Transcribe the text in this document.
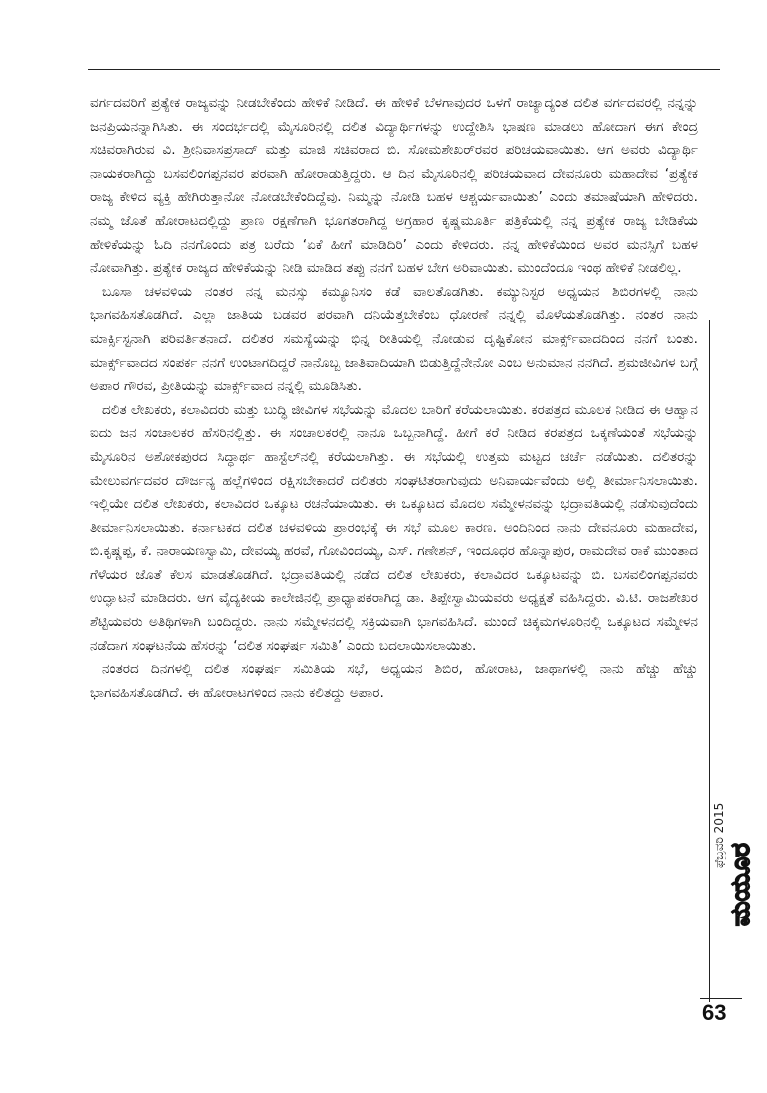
ವರ್ಗದವರಿಗೆ ಪ್ರತ್ಯೇಕ ರಾಜ್ಯವನ್ನು ನೀಡಬೇಕೆಂದು ಹೇಳಿಕೆ ನೀಡಿದೆ. ಈ ಹೇಳಿಕೆ ಬೆಳಗಾವುದರ ಒಳಗೆ ರಾಜ್ಯಾದ್ಯಂತ ದಲಿತ ವರ್ಗದವರಲ್ಲಿ ನನ್ನನ್ನು ಜನಪ್ರಿಯನನ್ನಾಗಿಸಿತು. ಈ ಸಂದರ್ಭದಲ್ಲಿ ಮೈಸೂರಿನಲ್ಲಿ ದಲಿತ ವಿದ್ಯಾರ್ಥಿಗಳನ್ನು ಉದ್ದೇಶಿಸಿ ಭಾಷಣ ಮಾಡಲು ಹೋದಾಗ ಈಗ ಕೇಂದ್ರ ಸಚಿವರಾಗಿರುವ ವಿ. ಶ್ರೀನಿವಾಸಪ್ರಸಾದ್ ಮತ್ತು ಮಾಜಿ ಸಚಿವರಾದ ಬಿ. ಸೋಮಶೇಖರ್‌ರವರ ಪರಿಚಯವಾಯಿತು. ಆಗ ಅವರು ವಿದ್ಯಾರ್ಥಿ ನಾಯಕರಾಗಿದ್ದು ಬಸವಲಿಂಗಪ್ಪನವರ ಪರವಾಗಿ ಹೋರಾಡುತ್ತಿದ್ದರು. ಆ ದಿನ ಮೈಸೂರಿನಲ್ಲಿ ಪರಿಚಯವಾದ ದೇವನೂರು ಮಹಾದೇವ ‘ಪ್ರತ್ಯೇಕ ರಾಜ್ಯ ಕೇಳಿದ ವ್ಯಕ್ತಿ ಹೇಗಿರುತ್ತಾನೋ ನೋಡಬೇಕೆಂದಿದ್ದೆವು. ನಿಮ್ಮನ್ನು ನೋಡಿ ಬಹಳ ಆಶ್ಚರ್ಯವಾಯಿತು’ ಎಂದು ತಮಾಷೆಯಾಗಿ ಹೇಳಿದರು. ನಮ್ಮ ಜೊತೆ ಹೋರಾಟದಲ್ಲಿದ್ದು ಪ್ರಾಣ ರಕ್ಷಣೆಗಾಗಿ ಭೂಗತರಾಗಿದ್ದ ಅಗ್ರಹಾರ ಕೃಷ್ಣಮೂರ್ತಿ ಪತ್ರಿಕೆಯಲ್ಲಿ ನನ್ನ ಪ್ರತ್ಯೇಕ ರಾಜ್ಯ ಬೇಡಿಕೆಯ ಹೇಳಿಕೆಯನ್ನು ಓದಿ ನನಗೊಂದು ಪತ್ರ ಬರೆದು ‘ಏಕೆ ಹೀಗೆ ಮಾಡಿದಿರಿ’ ಎಂದು ಕೇಳಿದರು. ನನ್ನ ಹೇಳಿಕೆಯಿಂದ ಅವರ ಮನಸ್ಸಿಗೆ ಬಹಳ ನೋವಾಗಿತ್ತು. ಪ್ರತ್ಯೇಕ ರಾಜ್ಯದ ಹೇಳಿಕೆಯನ್ನು ನೀಡಿ ಮಾಡಿದ ತಪ್ಪು ನನಗೆ ಬಹಳ ಬೇಗ ಅರಿವಾಯಿತು. ಮುಂದೆಂದೂ ಇಂಥ ಹೇಳಿಕೆ ನೀಡಲಿಲ್ಲ.

ಬೂಸಾ ಚಳವಳಿಯ ನಂತರ ನನ್ನ ಮನಸ್ಸು ಕಮ್ಯೂನಿಸಂ ಕಡೆ ವಾಲತೊಡಗಿತು. ಕಮ್ಯುನಿಸ್ಟರ ಅಧ್ಯಯನ ಶಿಬಿರಗಳಲ್ಲಿ ನಾನು ಭಾಗವಹಿಸತೊಡಗಿದೆ. ಎಲ್ಲಾ ಜಾತಿಯ ಬಡವರ ಪರವಾಗಿ ದನಿಯೆತ್ತಬೇಕೆಂಬ ಧೋರಣೆ ನನ್ನಲ್ಲಿ ಮೊಳೆಯತೊಡಗಿತ್ತು. ನಂತರ ನಾನು ಮಾರ್ಕ್ಸಿಸ್ಟನಾಗಿ ಪರಿವರ್ತಿತನಾದೆ. ದಲಿತರ ಸಮಸ್ಯೆಯನ್ನು ಭಿನ್ನ ರೀತಿಯಲ್ಲಿ ನೋಡುವ ದೃಷ್ಟಿಕೋನ ಮಾರ್ಕ್ಸ್‌ವಾದದಿಂದ ನನಗೆ ಬಂತು. ಮಾರ್ಕ್ಸ್‌ವಾದದ ಸಂಪರ್ಕ ನನಗೆ ಉಂಟಾಗದಿದ್ದರೆ ನಾನೊಬ್ಬ ಜಾತಿವಾದಿಯಾಗಿ ಬಿಡುತ್ತಿದ್ದೆನೇನೋ ಎಂಬ ಅನುಮಾನ ನನಗಿದೆ. ಶ್ರಮಜೀವಿಗಳ ಬಗ್ಗೆ ಅಪಾರ ಗೌರವ, ಪ್ರೀತಿಯನ್ನು ಮಾರ್ಕ್ಸ್‌ವಾದ ನನ್ನಲ್ಲಿ ಮೂಡಿಸಿತು.

ದಲಿತ ಲೇಖಕರು, ಕಲಾವಿದರು ಮತ್ತು ಬುದ್ಧಿ ಜೀವಿಗಳ ಸಭೆಯನ್ನು ಮೊದಲ ಬಾರಿಗೆ ಕರೆಯಲಾಯಿತು. ಕರಪತ್ರದ ಮೂಲಕ ನೀಡಿದ ಈ ಆಹ್ವಾನ ಐದು ಜನ ಸಂಚಾಲಕರ ಹೆಸರಿನಲ್ಲಿತ್ತು. ಈ ಸಂಚಾಲಕರಲ್ಲಿ ನಾನೂ ಒಬ್ಬನಾಗಿದ್ದೆ. ಹೀಗೆ ಕರೆ ನೀಡಿದ ಕರಪತ್ರದ ಒಕ್ಕಣೆಯಂತೆ ಸಭೆಯನ್ನು ಮೈಸೂರಿನ ಅಶೋಕಪುರದ ಸಿದ್ಧಾರ್ಥ ಹಾಸ್ಟೆಲ್‌ನಲ್ಲಿ ಕರೆಯಲಾಗಿತ್ತು. ಈ ಸಭೆಯಲ್ಲಿ ಉತ್ತಮ ಮಟ್ಟದ ಚರ್ಚೆ ನಡೆಯಿತು. ದಲಿತರನ್ನು ಮೇಲುವರ್ಗದವರ ದೌರ್ಜನ್ಯ ಹಲ್ಲೆಗಳಿಂದ ರಕ್ಷಿಸಬೇಕಾದರೆ ದಲಿತರು ಸಂಘಟಿತರಾಗುವುದು ಅನಿವಾರ್ಯವೆಂದು ಅಲ್ಲಿ ತೀರ್ಮಾನಿಸಲಾಯಿತು. ಇಲ್ಲಿಯೇ ದಲಿತ ಲೇಖಕರು, ಕಲಾವಿದರ ಒಕ್ಕೂಟ ರಚನೆಯಾಯಿತು. ಈ ಒಕ್ಕೂಟದ ಮೊದಲ ಸಮ್ಮೇಳನವನ್ನು ಭದ್ರಾವತಿಯಲ್ಲಿ ನಡೆಸುವುದೆಂದು ತೀರ್ಮಾನಿಸಲಾಯಿತು. ಕರ್ನಾಟಕದ ದಲಿತ ಚಳವಳಿಯ ಪ್ರಾರಂಭಕ್ಕೆ ಈ ಸಭೆ ಮೂಲ ಕಾರಣ. ಅಂದಿನಿಂದ ನಾನು ದೇವನೂರು ಮಹಾದೇವ, ಬಿ.ಕೃಷ್ಣಪ್ಪ, ಕೆ. ನಾರಾಯಣಸ್ವಾಮಿ, ದೇವಯ್ಯ ಹರವೆ, ಗೋವಿಂದಯ್ಯ, ಎಸ್. ಗಣೇಶನ್, ಇಂದೂಧರ ಹೊನ್ನಾಪುರ, ರಾಮದೇವ ರಾಕೆ ಮುಂತಾದ ಗೆಳೆಯರ ಜೊತೆ ಕೆಲಸ ಮಾಡತೊಡಗಿದೆ. ಭದ್ರಾವತಿಯಲ್ಲಿ ನಡೆದ ದಲಿತ ಲೇಖಕರು, ಕಲಾವಿದರ ಒಕ್ಕೂಟವನ್ನು ಬಿ. ಬಸವಲಿಂಗಪ್ಪನವರು ಉದ್ಘಾಟನೆ ಮಾಡಿದರು. ಆಗ ವೈದ್ಯಕೀಯ ಕಾಲೇಜಿನಲ್ಲಿ ಪ್ರಾಧ್ಯಾಪಕರಾಗಿದ್ದ ಡಾ. ತಿಪ್ಪೇಸ್ವಾಮಿಯವರು ಅಧ್ಯಕ್ಷತೆ ವಹಿಸಿದ್ದರು. ವಿ.ಟಿ. ರಾಜಶೇಖರ ಶೆಟ್ಟಿಯವರು ಅತಿಥಿಗಳಾಗಿ ಬಂದಿದ್ದರು. ನಾನು ಸಮ್ಮೇಳನದಲ್ಲಿ ಸಕ್ರಿಯವಾಗಿ ಭಾಗವಹಿಸಿದೆ. ಮುಂದೆ ಚಿಕ್ಕಮಗಳೂರಿನಲ್ಲಿ ಒಕ್ಕೂಟದ ಸಮ್ಮೇಳನ ನಡೆದಾಗ ಸಂಘಟನೆಯ ಹೆಸರನ್ನು ‘ದಲಿತ ಸಂಘರ್ಷ ಸಮಿತಿ’ ಎಂದು ಬದಲಾಯಿಸಲಾಯಿತು.

ನಂತರದ ದಿನಗಳಲ್ಲಿ ದಲಿತ ಸಂಘರ್ಷ ಸಮಿತಿಯ ಸಭೆ, ಅಧ್ಯಯನ ಶಿಬಿರ, ಹೋರಾಟ, ಜಾಥಾಗಳಲ್ಲಿ ನಾನು ಹೆಚ್ಚು ಹೆಚ್ಚು ಭಾಗವಹಿಸತೊಡಗಿದೆ. ಈ ಹೋರಾಟಗಳಿಂದ ನಾನು ಕಲಿತದ್ದು ಅಪಾರ.

ಫೆಬ್ರವರಿ 2015
ಮಯೂರ
63
